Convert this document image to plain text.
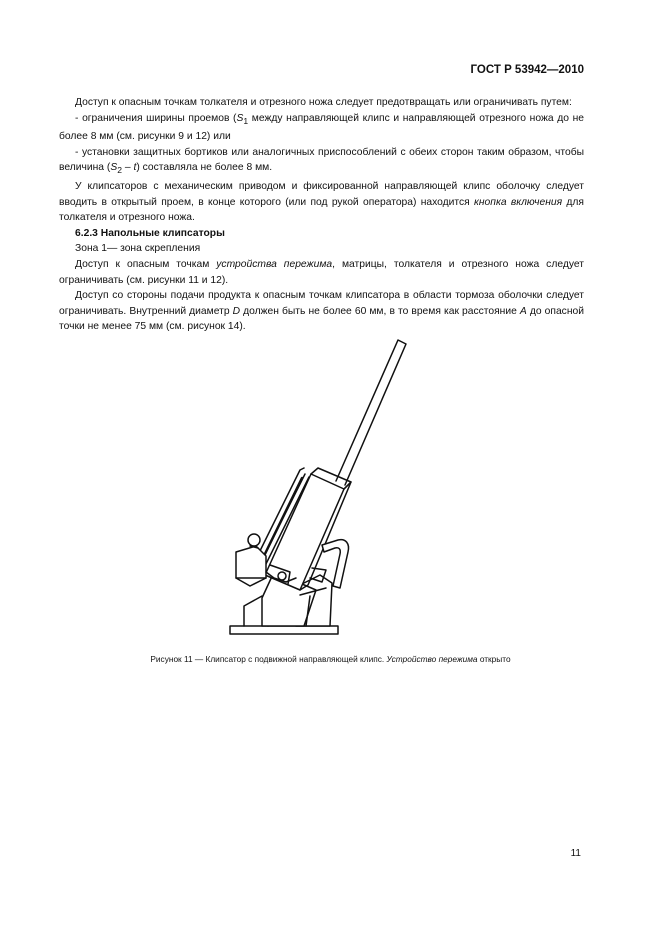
ГОСТ Р 53942—2010

Доступ к опасным точкам толкателя и отрезного ножа следует предотвращать или ограничивать путем:

- ограничения ширины проемов ($S_1$ между направляющей клипс и направляющей отрезного ножа до не более 8 мм (см. рисунки 9 и 12) или

- установки защитных бортиков или аналогичных приспособлений с обеих сторон таким образом, чтобы величина $(S_2 - t)$ составляла не более 8 мм.

У клипсаторов с механическим приводом и фиксированной направляющей клипс оболочку следует вводить в открытый проем, в конце которого (или под рукой оператора) находится кнопка включения для толкателя и отрезного ножа.

6.2.3 Напольные клипсаторы

Зона 1— зона скрепления

Доступ к опасным точкам устройства пережима, матрицы, толкателя и отрезного ножа следует ограничивать (см. рисунки 11 и 12).

Доступ со стороны подачи продукта к опасным точкам клипсатора в области тормоза оболочки следует ограничивать. Внутренний диаметр D должен быть не более 60 мм, в то время как расстояние A до опасной точки не менее 75 мм (см. рисунок 14).

Рисунок 11 — Клипсатор с подвижной направляющей клипс. Устройство пережима открыто
11
